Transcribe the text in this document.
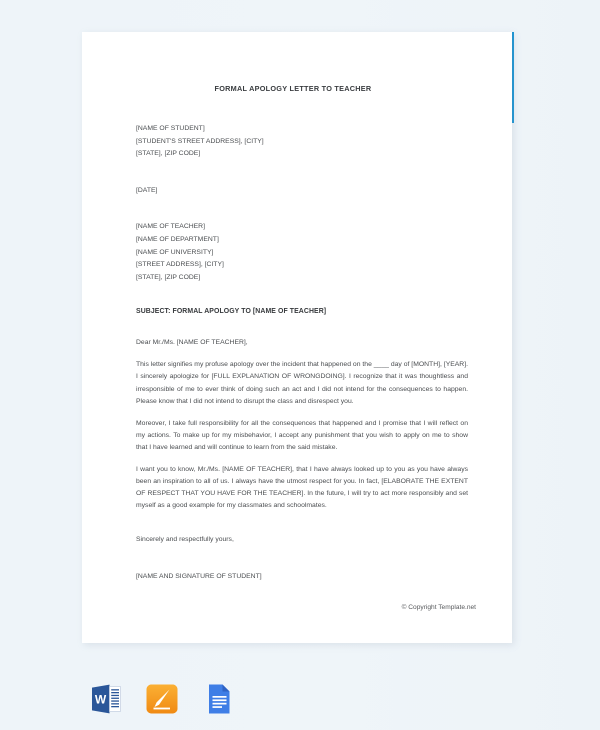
FORMAL APOLOGY LETTER TO TEACHER
[NAME OF STUDENT]
[STUDENT'S STREET ADDRESS], [CITY]
[STATE], [ZIP CODE]
[DATE]
[NAME OF TEACHER]
[NAME OF DEPARTMENT]
[NAME OF UNIVERSITY]
[STREET ADDRESS], [CITY]
[STATE], [ZIP CODE]
SUBJECT: FORMAL APOLOGY TO [NAME OF TEACHER]
Dear Mr./Ms. [NAME OF TEACHER],

This letter signifies my profuse apology over the incident that happened on the ____ day of [MONTH], [YEAR]. I sincerely apologize for [FULL EXPLANATION OF WRONGDOING]. I recognize that it was thoughtless and irresponsible of me to ever think of doing such an act and I did not intend for the consequences to happen. Please know that I did not intend to disrupt the class and disrespect you.

Moreover, I take full responsibility for all the consequences that happened and I promise that I will reflect on my actions. To make up for my misbehavior, I accept any punishment that you wish to apply on me to show that I have learned and will continue to learn from the said mistake.

I want you to know, Mr./Ms. [NAME OF TEACHER], that I have always looked up to you as you have always been an inspiration to all of us. I always have the utmost respect for you. In fact, [ELABORATE THE EXTENT OF RESPECT THAT YOU HAVE FOR THE TEACHER]. In the future, I will try to act more responsibly and set myself as a good example for my classmates and schoolmates.

Sincerely and respectfully yours,
[NAME AND SIGNATURE OF STUDENT]
© Copyright Template.net
W
